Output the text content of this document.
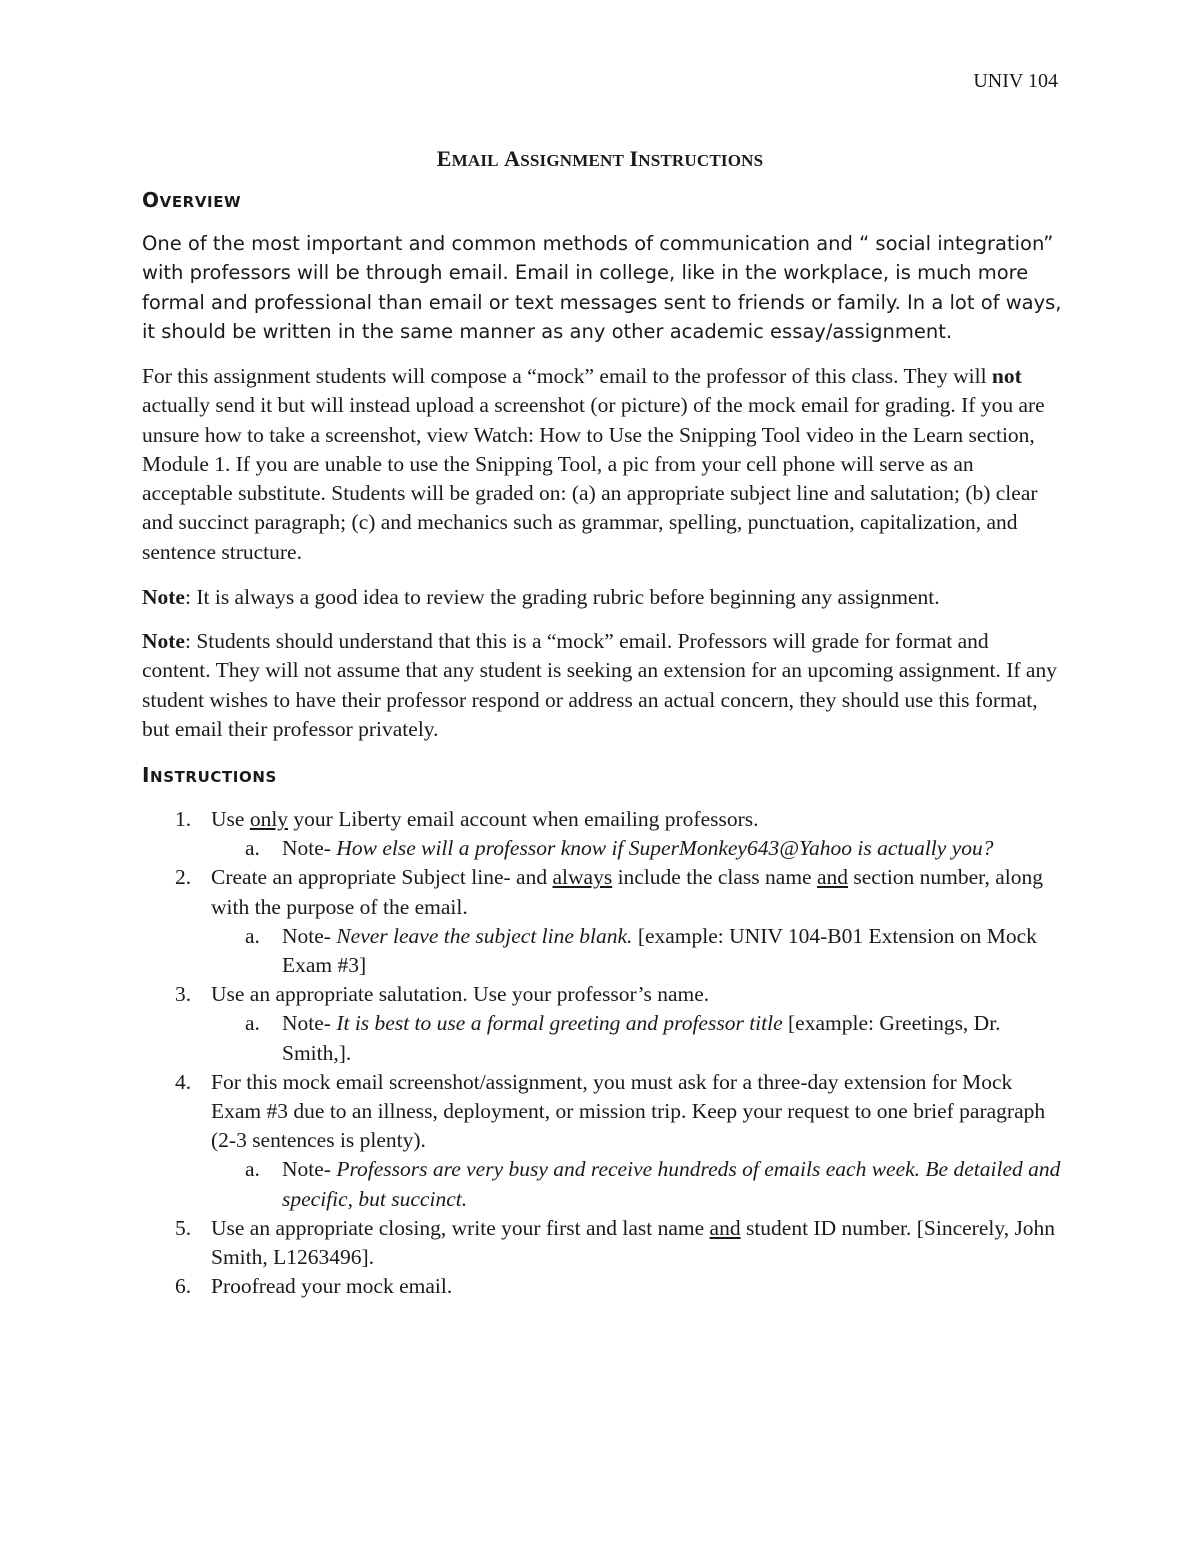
UNIV 104
EMAIL ASSIGNMENT INSTRUCTIONS
OVERVIEW

One of the most important and common methods of communication and “ social integration” with professors will be through email. Email in college, like in the workplace, is much more formal and professional than email or text messages sent to friends or family. In a lot of ways, it should be written in the same manner as any other academic essay/assignment.

For this assignment students will compose a “mock” email to the professor of this class. They will not actually send it but will instead upload a screenshot (or picture) of the mock email for grading. If you are unsure how to take a screenshot, view Watch: How to Use the Snipping Tool video in the Learn section, Module 1. If you are unable to use the Snipping Tool, a pic from your cell phone will serve as an acceptable substitute. Students will be graded on: (a) an appropriate subject line and salutation; (b) clear and succinct paragraph; (c) and mechanics such as grammar, spelling, punctuation, capitalization, and sentence structure.

Note: It is always a good idea to review the grading rubric before beginning any assignment.

Note: Students should understand that this is a “mock” email. Professors will grade for format and content. They will not assume that any student is seeking an extension for an upcoming assignment. If any student wishes to have their professor respond or address an actual concern, they should use this format, but email their professor privately.

INSTRUCTIONS
1. Use only your Liberty email account when emailing professors.
a. Note- How else will a professor know if SuperMonkey643@Yahoo is actually you?
2. Create an appropriate Subject line- and always include the class name and section number, along with the purpose of the email.
a. Note- Never leave the subject line blank. [example: UNIV 104-B01 Extension on Mock Exam #3]
3. Use an appropriate salutation. Use your professor’s name.
a. Note- It is best to use a formal greeting and professor title [example: Greetings, Dr. Smith,].
4. For this mock email screenshot/assignment, you must ask for a three-day extension for Mock Exam #3 due to an illness, deployment, or mission trip. Keep your request to one brief paragraph (2-3 sentences is plenty).
a. Note- Professors are very busy and receive hundreds of emails each week. Be detailed and specific, but succinct.
5. Use an appropriate closing, write your first and last name and student ID number. [Sincerely, John Smith, L1263496].
6. Proofread your mock email.
